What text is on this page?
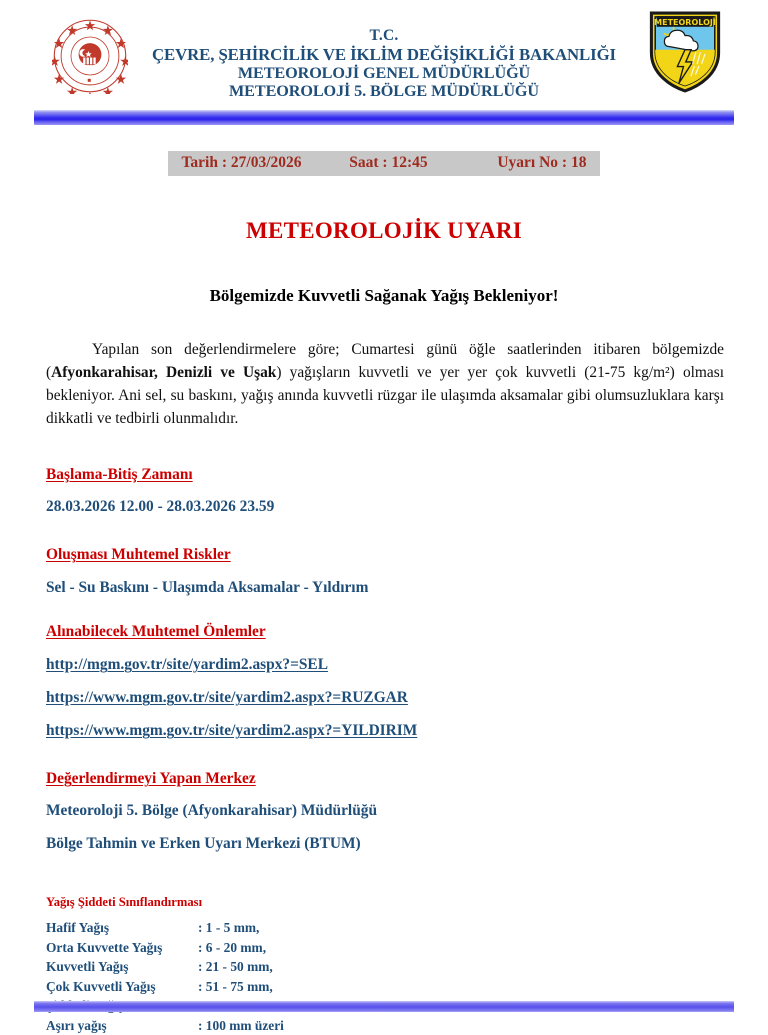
T.C.
ÇEVRE, ŞEHİRCİLİK VE İKLİM DEĞİŞİKLİĞİ BAKANLIĞI
METEOROLOJİ GENEL MÜDÜRLÜĞÜ
METEOROLOJİ 5. BÖLGE MÜDÜRLÜĞÜ
METEOROLOJİ
Tarih : 27/03/2026	Saat : 12:45	Uyarı No : 18
METEOROLOJİK UYARI
Bölgemizde Kuvvetli Sağanak Yağış Bekleniyor!
Yapılan son değerlendirmelere göre; Cumartesi günü öğle saatlerinden itibaren bölgemizde (Afyonkarahisar, Denizli ve Uşak) yağışların kuvvetli ve yer yer çok kuvvetli (21-75 kg/m²) olması bekleniyor. Ani sel, su baskını, yağış anında kuvvetli rüzgar ile ulaşımda aksamalar gibi olumsuzluklara karşı dikkatli ve tedbirli olunmalıdır.
Başlama-Bitiş Zamanı
28.03.2026 12.00 - 28.03.2026 23.59
Oluşması Muhtemel Riskler
Sel - Su Baskını - Ulaşımda Aksamalar - Yıldırım
Alınabilecek Muhtemel Önlemler
http://mgm.gov.tr/site/yardim2.aspx?=SEL
https://www.mgm.gov.tr/site/yardim2.aspx?=RUZGAR
https://www.mgm.gov.tr/site/yardim2.aspx?=YILDIRIM
Değerlendirmeyi Yapan Merkez
Meteoroloji 5. Bölge (Afyonkarahisar) Müdürlüğü
Bölge Tahmin ve Erken Uyarı Merkezi (BTUM)
Yağış Şiddeti Sınıflandırması
Hafif Yağış	: 1 - 5 mm,
Orta Kuvvette Yağış	: 6 - 20 mm,
Kuvvetli Yağış	: 21 - 50 mm,
Çok Kuvvetli Yağış	: 51 - 75 mm,

Aşırı yağış	: 100 mm üzeri
